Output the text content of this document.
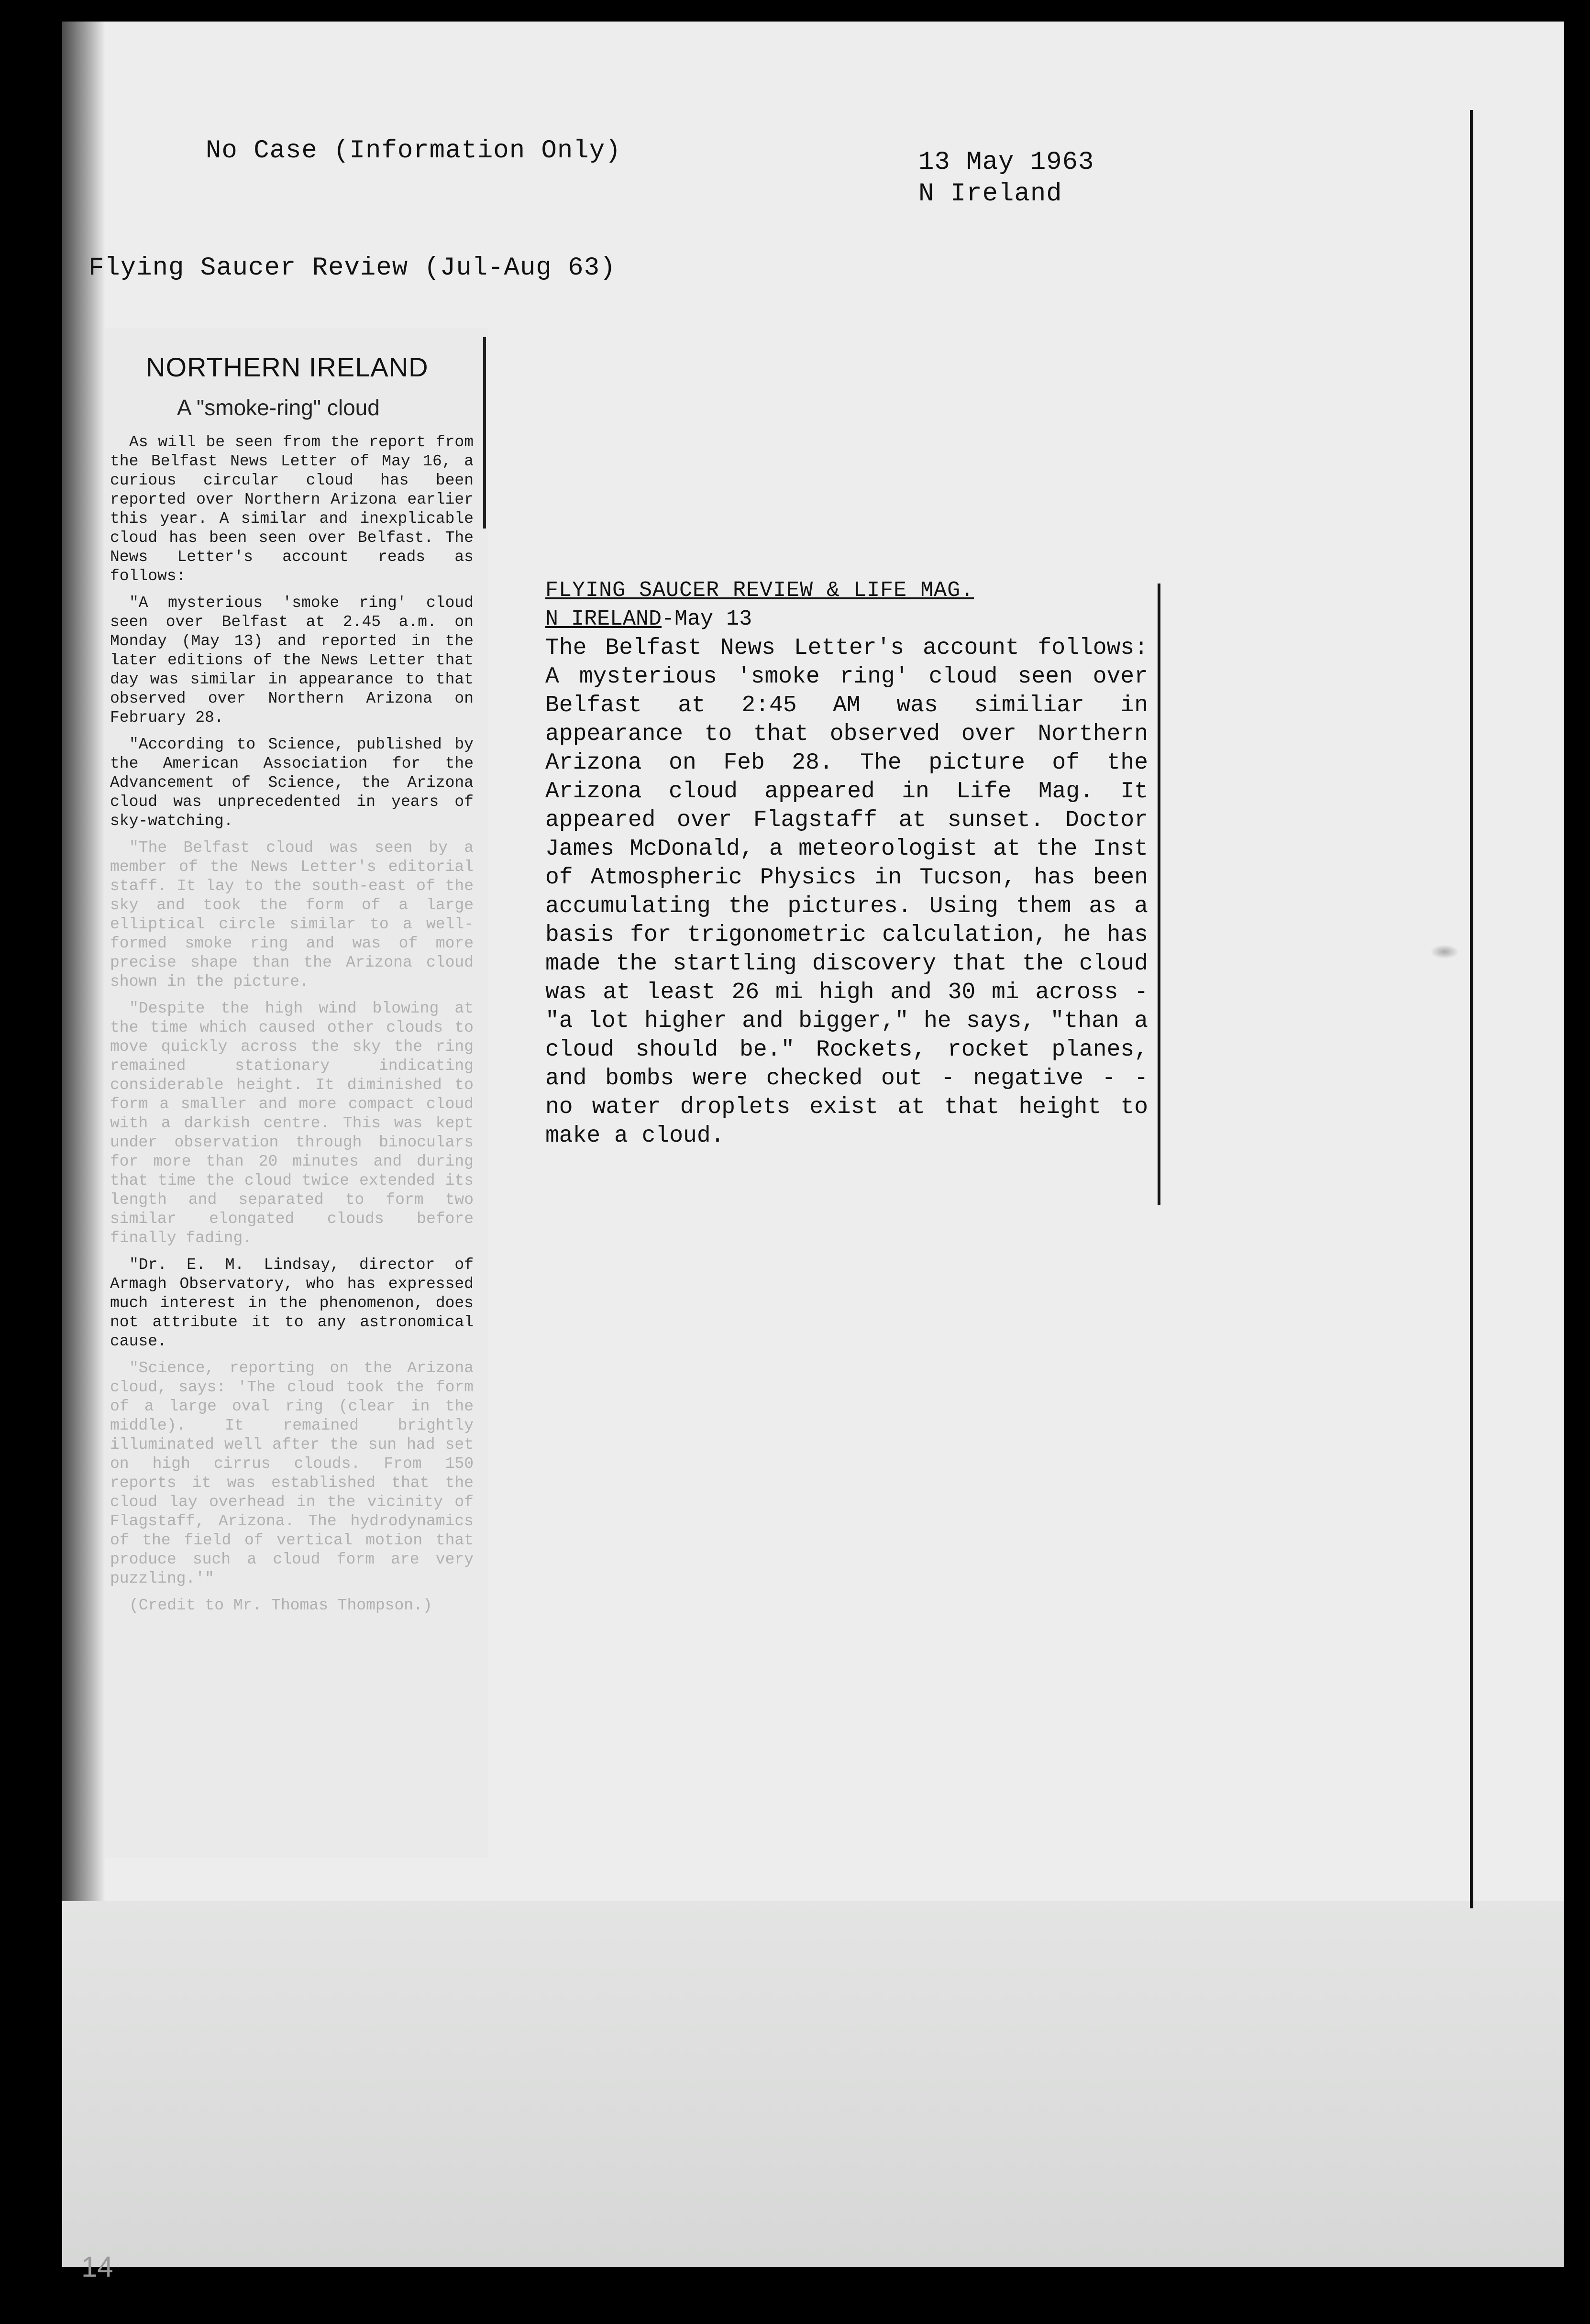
No Case (Information Only)	13 May 1963
N Ireland
Flying Saucer Review (Jul-Aug 63)
NORTHERN IRELAND
A "smoke-ring" cloud

As will be seen from the report from the Belfast News Letter of May 16, a curious circular cloud has been reported over Northern Arizona earlier this year. A similar and inexplicable cloud has been seen over Belfast. The News Letter's account reads as follows:

"A mysterious 'smoke ring' cloud seen over Belfast at 2.45 a.m. on Monday (May 13) and reported in the later editions of the News Letter that day was similar in appearance to that observed over Northern Arizona on February 28.

"According to Science, published by the American Association for the Advancement of Science, the Arizona cloud was unprecedented in years of sky-watching.

"The Belfast cloud was seen by a member of the News Letter's editorial staff. It lay to the south-east of the sky and took the form of a large elliptical circle similar to a well-formed smoke ring and was of more precise shape than the Arizona cloud shown in the picture.

"Despite the high wind blowing at the time which caused other clouds to move quickly across the sky the ring remained stationary indicating considerable height. It diminished to form a smaller and more compact cloud with a darkish centre. This was kept under observation through binoculars for more than 20 minutes and during that time the cloud twice extended its length and separated to form two similar elongated clouds before finally fading.

"Dr. E. M. Lindsay, director of Armagh Observatory, who has expressed much interest in the phenomenon, does not attribute it to any astronomical cause.

"Science, reporting on the Arizona cloud, says: 'The cloud took the form of a large oval ring (clear in the middle). It remained brightly illuminated well after the sun had set on high cirrus clouds. From 150 reports it was established that the cloud lay overhead in the vicinity of Flagstaff, Arizona. The hydrodynamics of the field of vertical motion that produce such a cloud form are very puzzling.'"

(Credit to Mr. Thomas Thompson.)

FLYING SAUCER REVIEW & LIFE MAG.
N IRELAND-May 13

The Belfast News Letter's account follows: A mysterious 'smoke ring' cloud seen over Belfast at 2:45 AM was similiar in appearance to that observed over Northern Arizona on Feb 28. The picture of the Arizona cloud appeared in Life Mag. It appeared over Flagstaff at sunset. Doctor James McDonald, a meteorologist at the Inst of Atmospheric Physics in Tucson, has been accumulating the pictures. Using them as a basis for trigonometric calculation, he has made the startling discovery that the cloud was at least 26 mi high and 30 mi across - "a lot higher and bigger," he says, "than a cloud should be." Rockets, rocket planes, and bombs were checked out - negative - - no water droplets exist at that height to make a cloud.

14
